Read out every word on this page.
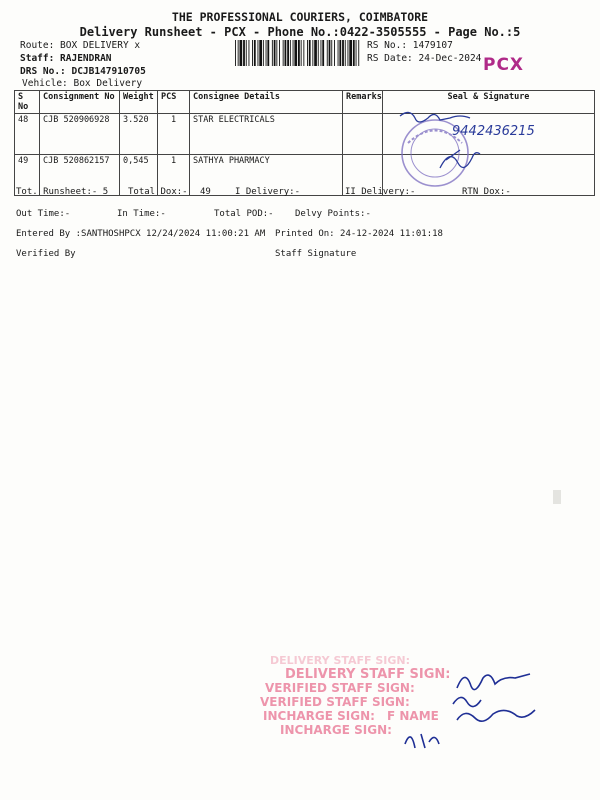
THE PROFESSIONAL COURIERS, COIMBATORE
Delivery Runsheet - PCX - Phone No.:0422-3505555 - Page No.:5
Route: BOX DELIVERY x
Staff: RAJENDRAN
DRS No.: DCJB147910705
Vehicle: Box Delivery
RS No.: 1479107
RS Date: 24-Dec-2024 PCX
S No	Consignment No	Weight	PCS	Consignee Details	Remarks	Seal & Signature
48	CJB 520906928	3.520	1	STAR ELECTRICALS		
49	CJB 520862157	0,545	1	SATHYA PHARMACY		
9442436215
Tot. Runsheet:- 5 Total Dox:- 49	I Delivery:-	II Delivery:-	RTN Dox:-
Out Time:-	In Time:-	Total POD:- Delvy Points:-
Entered By :SANTHOSHPCX 12/24/2024 11:00:21 AM Printed On: 24-12-2024 11:01:18
Verified By	Staff Signature
DELIVERY STAFF SIGN:
DELIVERY STAFF SIGN:
VERIFIED STAFF SIGN:
VERIFIED STAFF SIGN:
INCHARGE SIGN: F NAME
INCHARGE SIGN:
